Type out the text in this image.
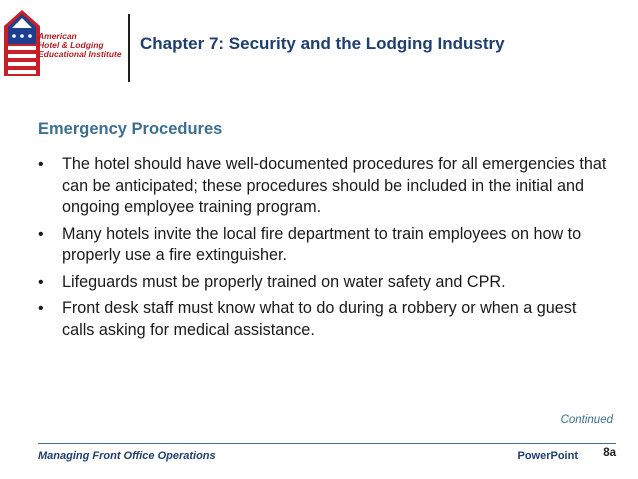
American
Hotel & Lodging
Educational Institute
Chapter 7: Security and the Lodging Industry
Emergency Procedures
• The hotel should have well-documented procedures for all emergencies that can be anticipated; these procedures should be included in the initial and ongoing employee training program.
• Many hotels invite the local fire department to train employees on how to properly use a fire extinguisher.
• Lifeguards must be properly trained on water safety and CPR.
• Front desk staff must know what to do during a robbery or when a guest calls asking for medical assistance.
Continued
Managing Front Office Operations	PowerPoint 8a
